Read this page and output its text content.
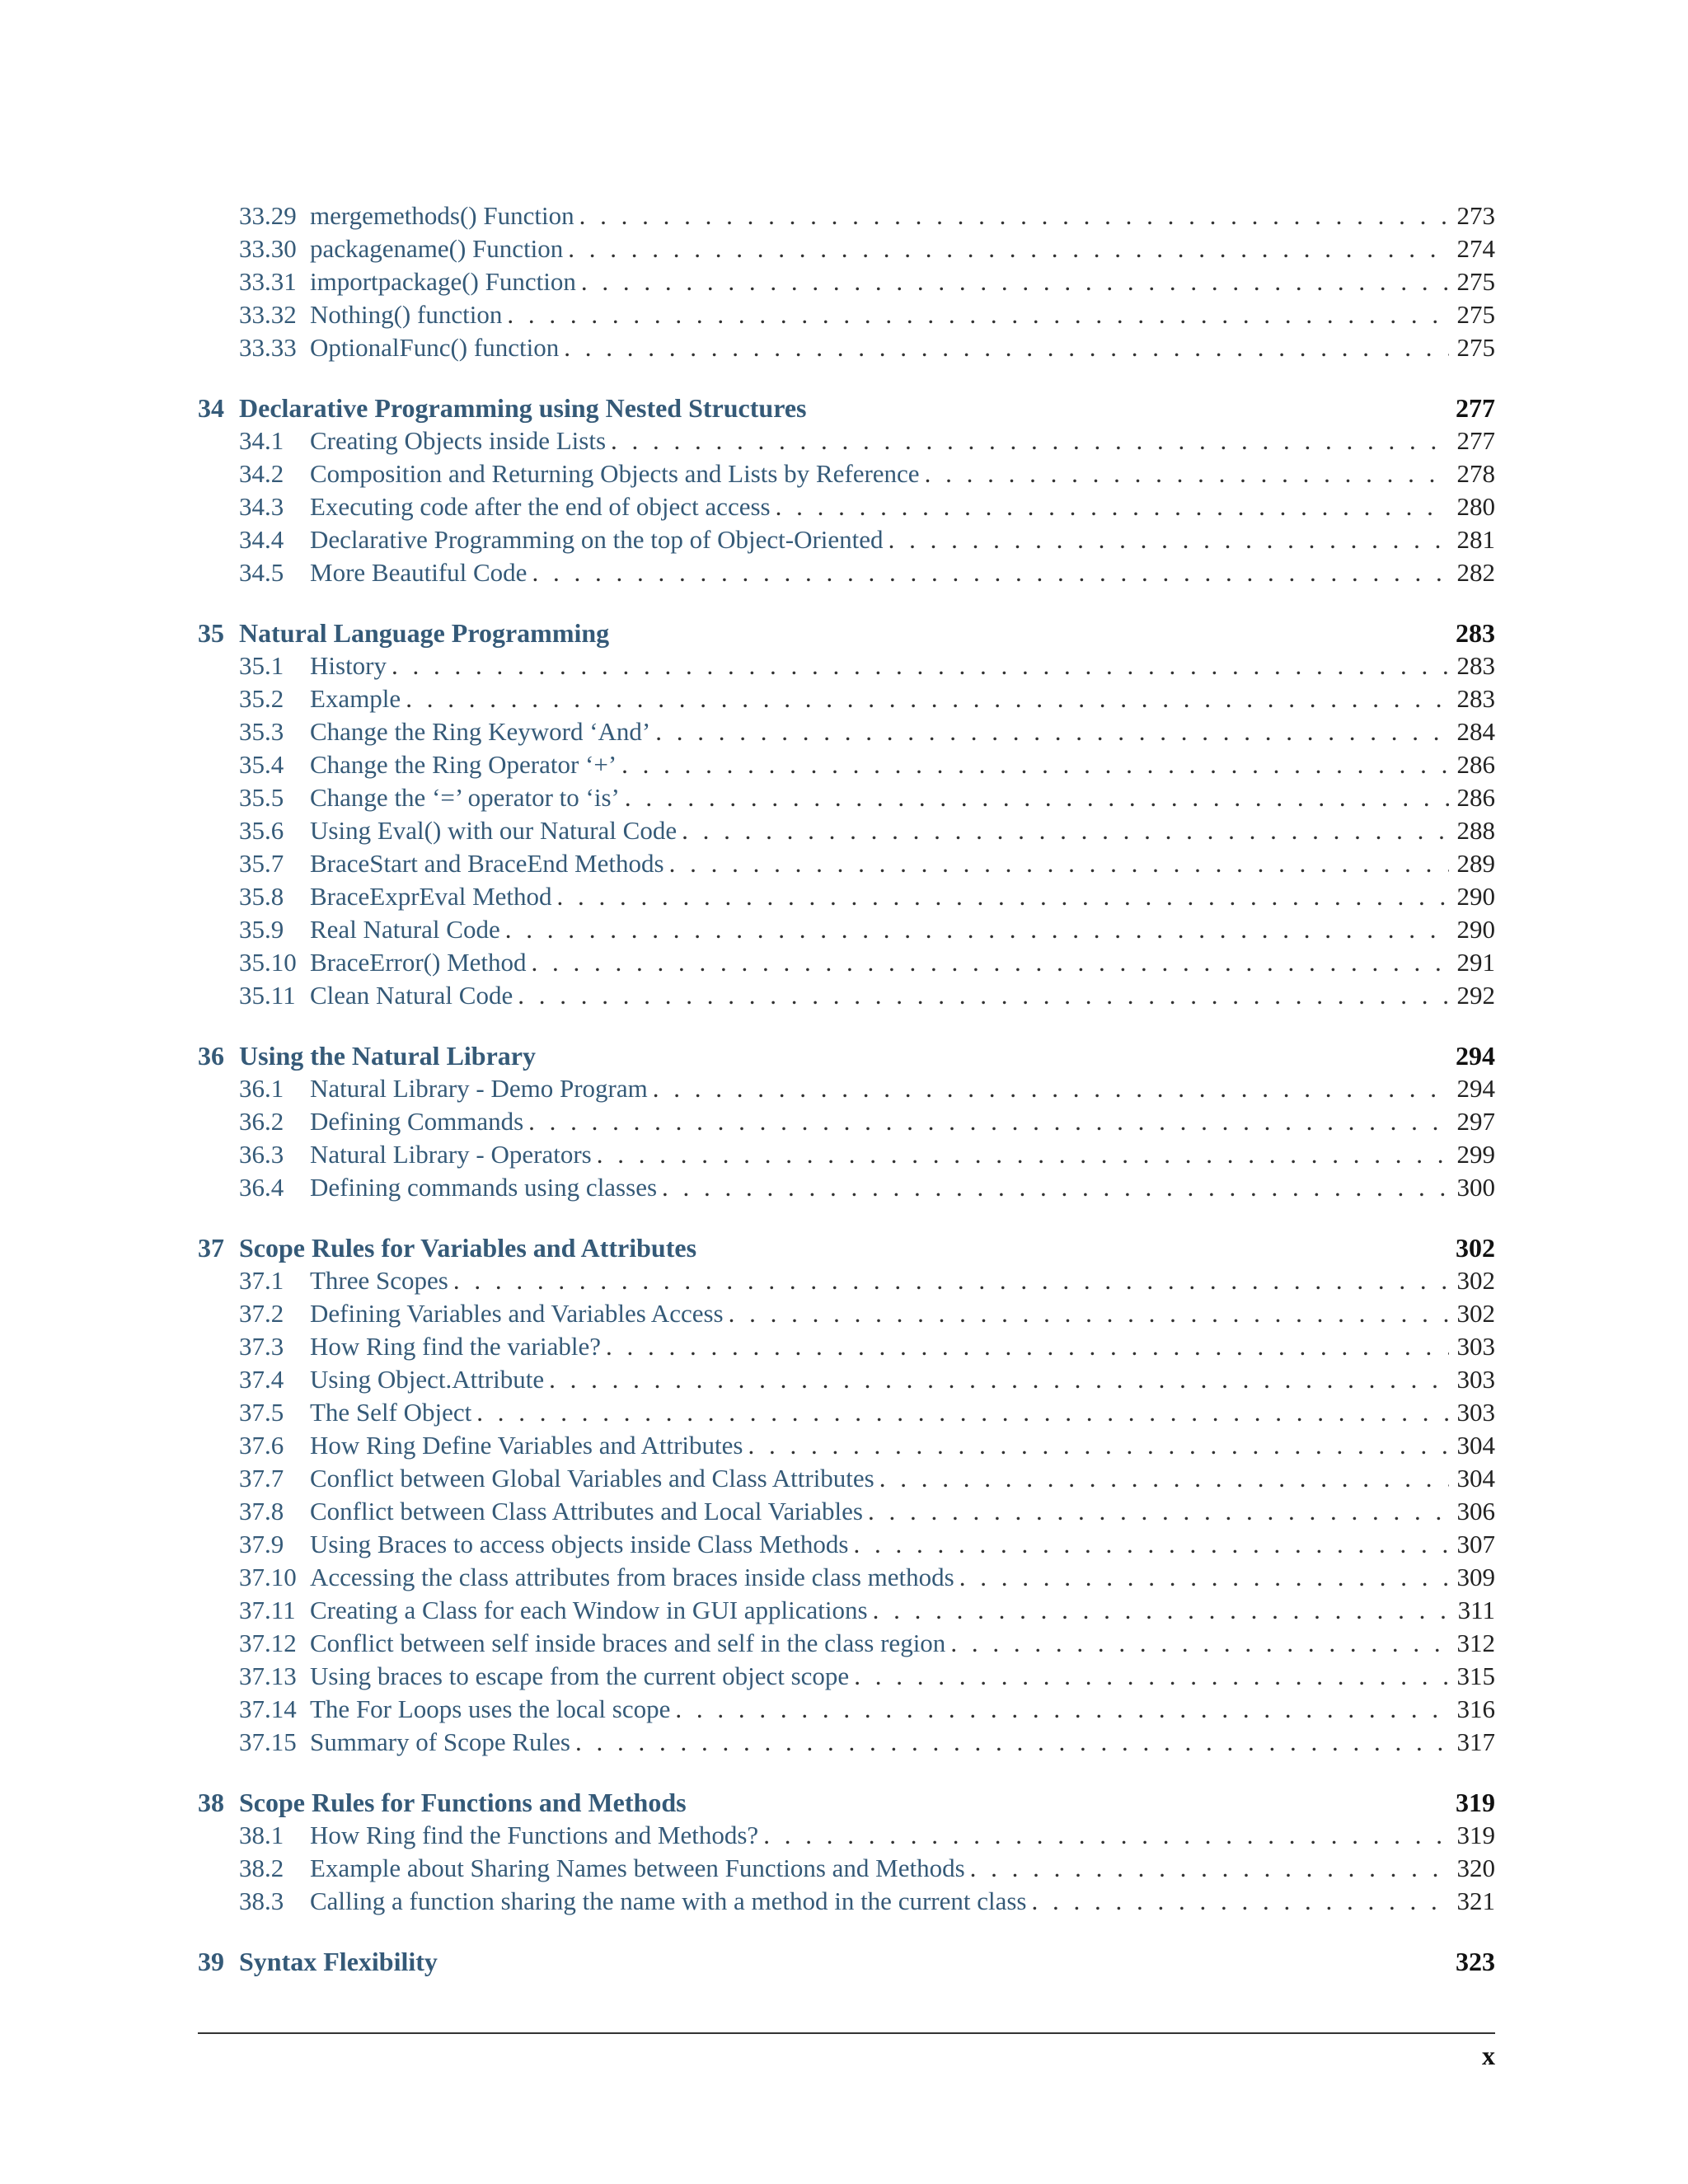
33.29 mergemethods() Function . . .	273
33.30 packagename() Function . . .	274
33.31 importpackage() Function . . .	275
33.32 Nothing() function . . .	275
33.33 OptionalFunc() function . . .	275
34 Declarative Programming using Nested Structures	277
34.1	Creating Objects inside Lists . . .	277
34.2	Composition and Returning Objects and Lists by Reference . . .	278
34.3	Executing code after the end of object access . . .	280
34.4	Declarative Programming on the top of Object-Oriented . . .	281
34.5	More Beautiful Code . . .	282
35 Natural Language Programming	283
35.1	History . . .	283
35.2	Example . . .	283
35.3	Change the Ring Keyword ‘And’ . . .	284
35.4	Change the Ring Operator ‘+’ . . .	286
35.5	Change the ‘=’ operator to ‘is’ . . .	286
35.6	Using Eval() with our Natural Code . . .	288
35.7	BraceStart and BraceEnd Methods . . .	289
35.8	BraceExprEval Method . . .	290
35.9	Real Natural Code . . .	290
35.10 BraceError() Method . . .	291
35.11 Clean Natural Code . . .	292
36 Using the Natural Library	294
36.1	Natural Library - Demo Program . . .	294
36.2	Defining Commands . . .	297
36.3	Natural Library - Operators . . .	299
36.4	Defining commands using classes . . .	300
37 Scope Rules for Variables and Attributes	302
37.1	Three Scopes . . .	302
37.2	Defining Variables and Variables Access . . .	302
37.3	How Ring find the variable? . . .	303
37.4	Using Object.Attribute . . .	303
37.5	The Self Object . . .	303
37.6	How Ring Define Variables and Attributes . . .	304
37.7	Conflict between Global Variables and Class Attributes . . .	304
37.8	Conflict between Class Attributes and Local Variables . . .	306
37.9	Using Braces to access objects inside Class Methods . . .	307
37.10 Accessing the class attributes from braces inside class methods . . .	309
37.11 Creating a Class for each Window in GUI applications . . .	311
37.12 Conflict between self inside braces and self in the class region . . .	312
37.13 Using braces to escape from the current object scope . . .	315
37.14 The For Loops uses the local scope . . .	316
37.15 Summary of Scope Rules . . .	317
38 Scope Rules for Functions and Methods	319
38.1	How Ring find the Functions and Methods? . . .	319
38.2	Example about Sharing Names between Functions and Methods . . .	320
38.3	Calling a function sharing the name with a method in the current class . . .	321
39 Syntax Flexibility	323
x
